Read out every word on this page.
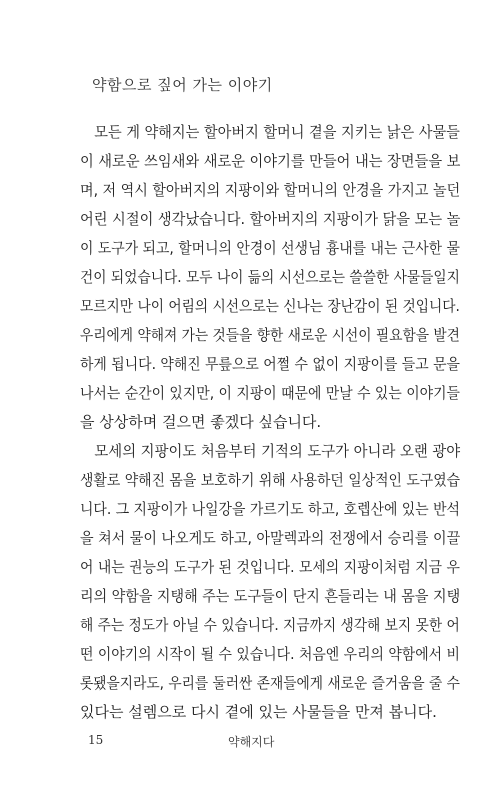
약함으로 짚어 가는 이야기
　모든 게 약해지는 할아버지 할머니 곁을 지키는 낡은 사물들
이 새로운 쓰임새와 새로운 이야기를 만들어 내는 장면들을 보
며, 저 역시 할아버지의 지팡이와 할머니의 안경을 가지고 놀던
어린 시절이 생각났습니다. 할아버지의 지팡이가 닭을 모는 놀
이 도구가 되고, 할머니의 안경이 선생님 흉내를 내는 근사한 물
건이 되었습니다. 모두 나이 듦의 시선으로는 쓸쓸한 사물들일지
모르지만 나이 어림의 시선으로는 신나는 장난감이 된 것입니다.
우리에게 약해져 가는 것들을 향한 새로운 시선이 필요함을 발견
하게 됩니다. 약해진 무릎으로 어쩔 수 없이 지팡이를 들고 문을
나서는 순간이 있지만, 이 지팡이 때문에 만날 수 있는 이야기들
을 상상하며 걸으면 좋겠다 싶습니다.
　모세의 지팡이도 처음부터 기적의 도구가 아니라 오랜 광야
생활로 약해진 몸을 보호하기 위해 사용하던 일상적인 도구였습
니다. 그 지팡이가 나일강을 가르기도 하고, 호렙산에 있는 반석
을 쳐서 물이 나오게도 하고, 아말렉과의 전쟁에서 승리를 이끌
어 내는 권능의 도구가 된 것입니다. 모세의 지팡이처럼 지금 우
리의 약함을 지탱해 주는 도구들이 단지 흔들리는 내 몸을 지탱
해 주는 정도가 아닐 수 있습니다. 지금까지 생각해 보지 못한 어
떤 이야기의 시작이 될 수 있습니다. 처음엔 우리의 약함에서 비
롯됐을지라도, 우리를 둘러싼 존재들에게 새로운 즐거움을 줄 수
있다는 설렘으로 다시 곁에 있는 사물들을 만져 봅니다.
15	약해지다
